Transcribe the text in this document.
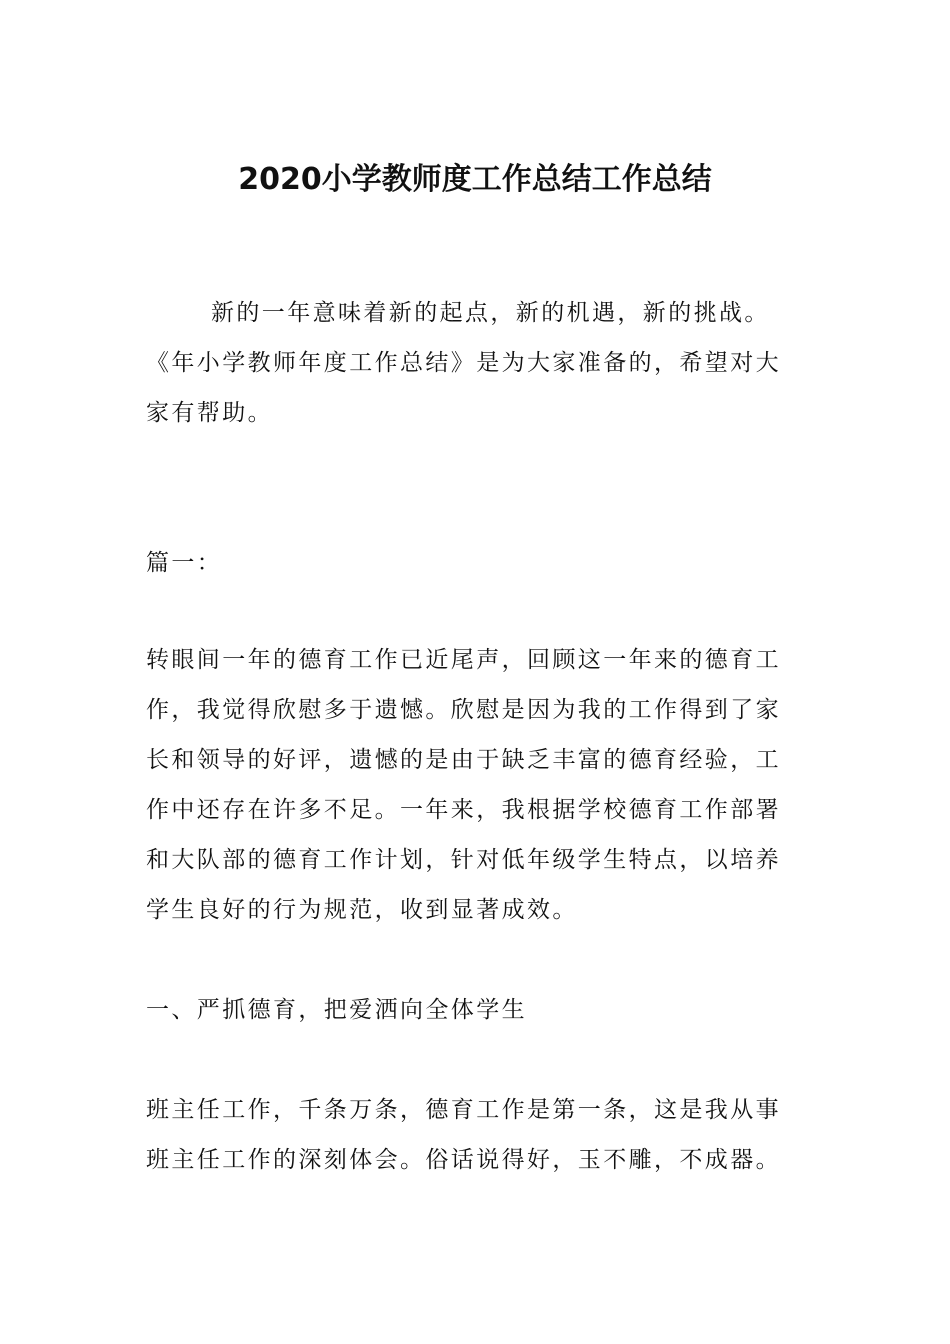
2020小学教师度工作总结工作总结

新的一年意味着新的起点，新的机遇，新的挑战。《年小学教师年度工作总结》是为大家准备的，希望对大家有帮助。

篇一：

转眼间一年的德育工作已近尾声，回顾这一年来的德育工作，我觉得欣慰多于遗憾。欣慰是因为我的工作得到了家长和领导的好评，遗憾的是由于缺乏丰富的德育经验，工作中还存在许多不足。一年来，我根据学校德育工作部署和大队部的德育工作计划，针对低年级学生特点，以培养学生良好的行为规范，收到显著成效。

一、严抓德育，把爱洒向全体学生

班主任工作，千条万条，德育工作是第一条，这是我从事班主任工作的深刻体会。俗话说得好，玉不雕，不成器。
